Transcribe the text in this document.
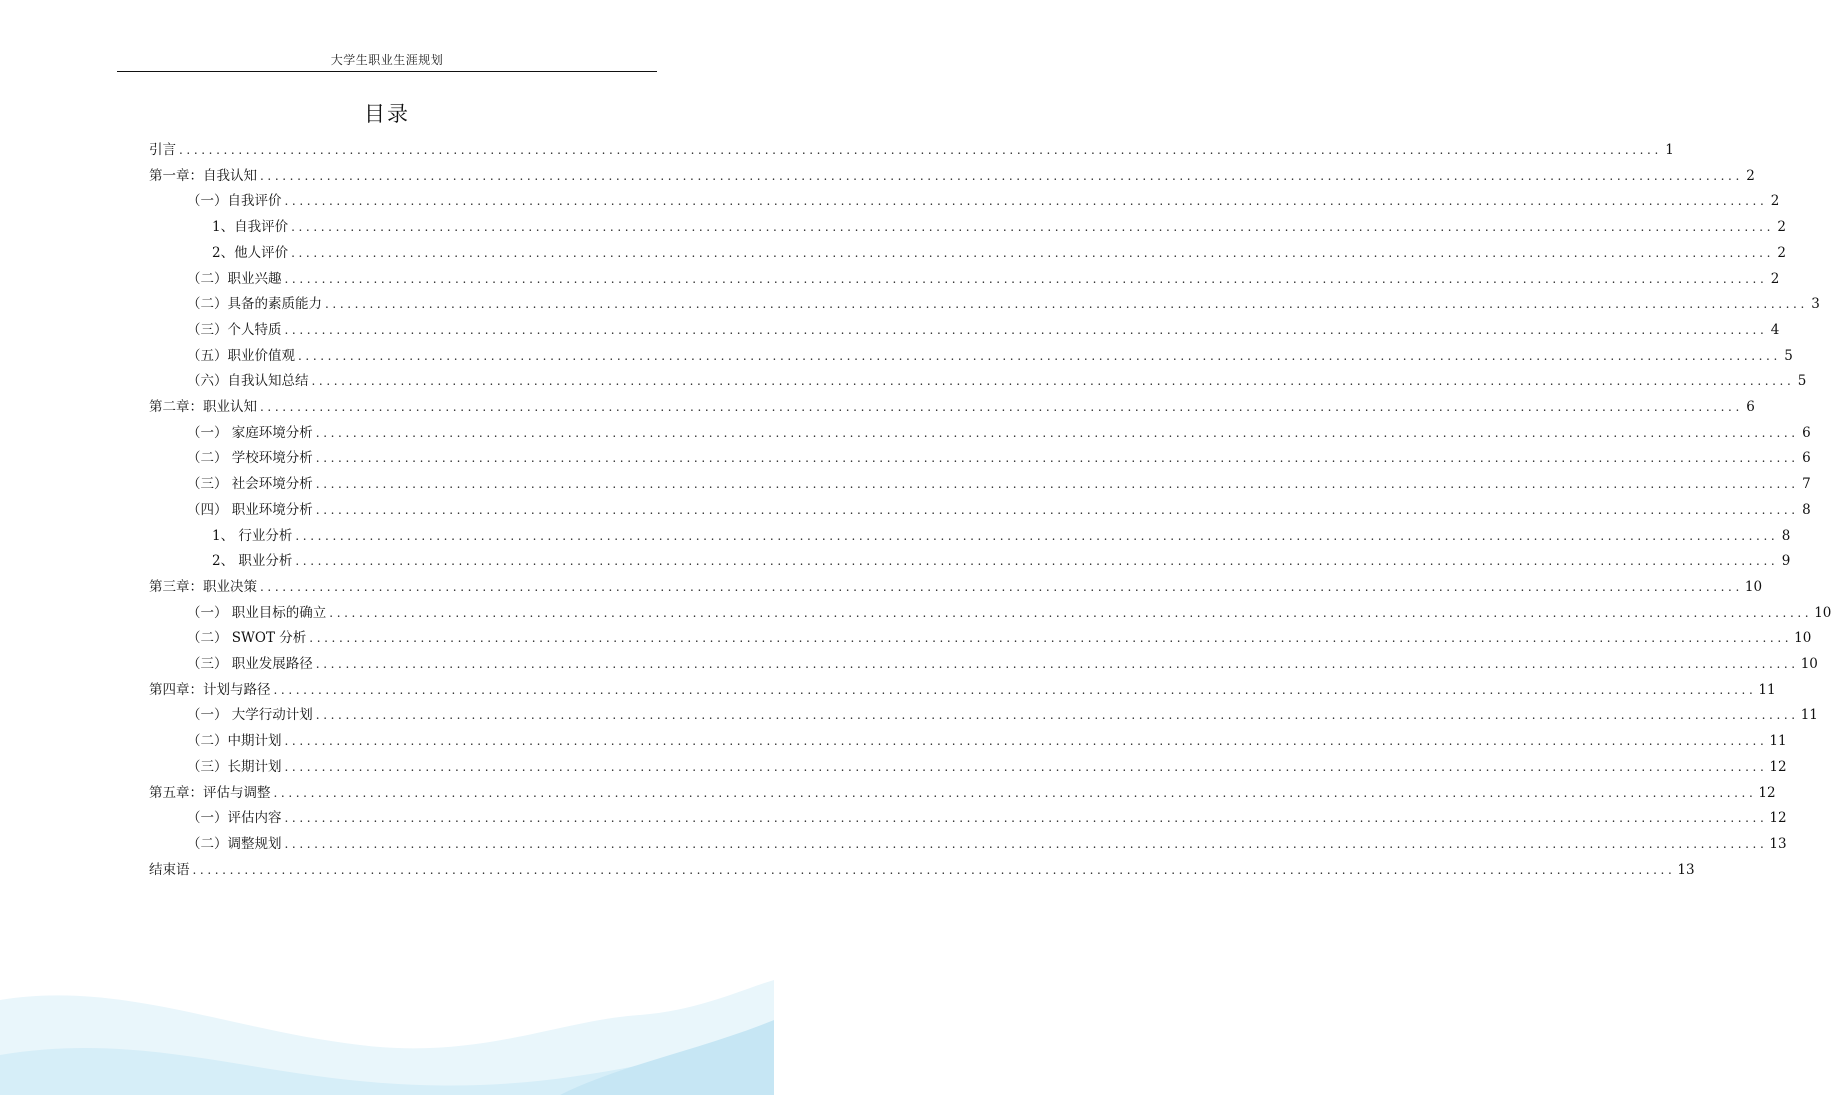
大学生职业生涯规划
目录
引言 ........................................................................................................................................................................................................ 1
第一章：自我认知 ........................................................................................................................................................................................................ 2
（一）自我评价 ........................................................................................................................................................................................................ 2
1、自我评价 ........................................................................................................................................................................................................ 2
2、他人评价 ........................................................................................................................................................................................................ 2
（二）职业兴趣 ........................................................................................................................................................................................................ 2
（二）具备的素质能力 ........................................................................................................................................................................................................ 3
（三）个人特质 ........................................................................................................................................................................................................ 4
（五）职业价值观 ........................................................................................................................................................................................................ 5
（六）自我认知总结 ........................................................................................................................................................................................................ 5
第二章：职业认知 ........................................................................................................................................................................................................ 6
（一） 家庭环境分析 ........................................................................................................................................................................................................ 6
（二） 学校环境分析 ........................................................................................................................................................................................................ 6
（三） 社会环境分析 ........................................................................................................................................................................................................ 7
（四） 职业环境分析 ........................................................................................................................................................................................................ 8
1、 行业分析 ........................................................................................................................................................................................................ 8
2、 职业分析 ........................................................................................................................................................................................................ 9
第三章：职业决策 ........................................................................................................................................................................................................ 10
（一） 职业目标的确立 ........................................................................................................................................................................................................ 10
（二） SWOT 分析 ........................................................................................................................................................................................................ 10
（三） 职业发展路径 ........................................................................................................................................................................................................ 10
第四章：计划与路径 ........................................................................................................................................................................................................ 11
（一） 大学行动计划 ........................................................................................................................................................................................................ 11
（二）中期计划 ........................................................................................................................................................................................................ 11
（三）长期计划 ........................................................................................................................................................................................................ 12
第五章：评估与调整 ........................................................................................................................................................................................................ 12
（一）评估内容 ........................................................................................................................................................................................................ 12
（二）调整规划 ........................................................................................................................................................................................................ 13
结束语 ........................................................................................................................................................................................................ 13
